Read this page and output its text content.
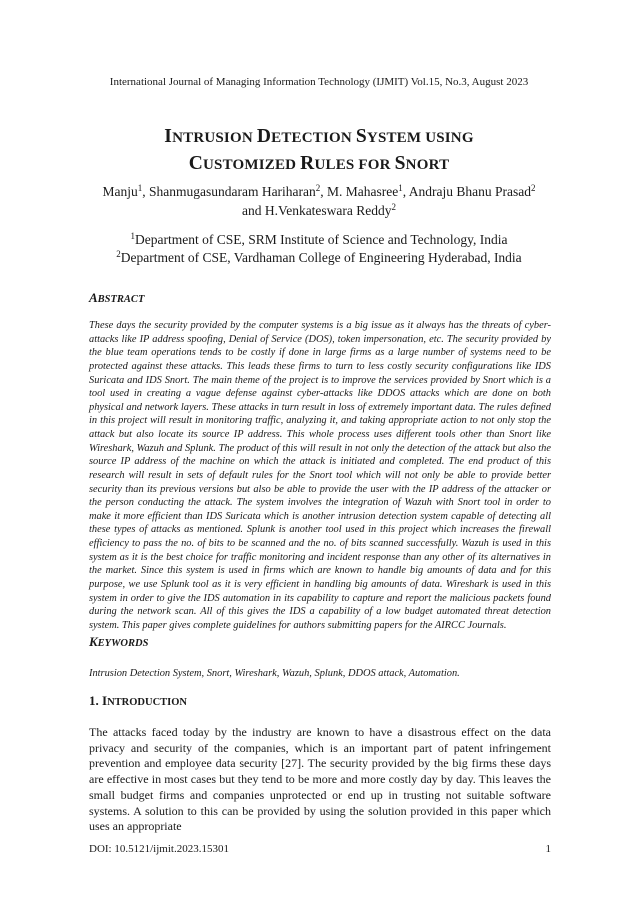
International Journal of Managing Information Technology (IJMIT) Vol.15, No.3, August 2023
INTRUSION DETECTION SYSTEM USING
CUSTOMIZED RULES FOR SNORT
Manju$^1$, Shanmugasundaram Hariharan$^2$, M. Mahasree$^1$, Andraju Bhanu Prasad$^2$
and H.Venkateswara Reddy$^2$
$^1$Department of CSE, SRM Institute of Science and Technology, India
$^2$Department of CSE, Vardhaman College of Engineering Hyderabad, India
ABSTRACT
These days the security provided by the computer systems is a big issue as it always has the threats of cyber-attacks like IP address spoofing, Denial of Service (DOS), token impersonation, etc. The security provided by the blue team operations tends to be costly if done in large firms as a large number of systems need to be protected against these attacks. This leads these firms to turn to less costly security configurations like IDS Suricata and IDS Snort. The main theme of the project is to improve the services provided by Snort which is a tool used in creating a vague defense against cyber-attacks like DDOS attacks which are done on both physical and network layers. These attacks in turn result in loss of extremely important data. The rules defined in this project will result in monitoring traffic, analyzing it, and taking appropriate action to not only stop the attack but also locate its source IP address. This whole process uses different tools other than Snort like Wireshark, Wazuh and Splunk. The product of this will result in not only the detection of the attack but also the source IP address of the machine on which the attack is initiated and completed. The end product of this research will result in sets of default rules for the Snort tool which will not only be able to provide better security than its previous versions but also be able to provide the user with the IP address of the attacker or the person conducting the attack. The system involves the integration of Wazuh with Snort tool in order to make it more efficient than IDS Suricata which is another intrusion detection system capable of detecting all these types of attacks as mentioned. Splunk is another tool used in this project which increases the firewall efficiency to pass the no. of bits to be scanned and the no. of bits scanned successfully. Wazuh is used in this system as it is the best choice for traffic monitoring and incident response than any other of its alternatives in the market. Since this system is used in firms which are known to handle big amounts of data and for this purpose, we use Splunk tool as it is very efficient in handling big amounts of data. Wireshark is used in this system in order to give the IDS automation in its capability to capture and report the malicious packets found during the network scan. All of this gives the IDS a capability of a low budget automated threat detection system. This paper gives complete guidelines for authors submitting papers for the AIRCC Journals.
KEYWORDS
Intrusion Detection System, Snort, Wireshark, Wazuh, Splunk, DDOS attack, Automation.
1. INTRODUCTION
The attacks faced today by the industry are known to have a disastrous effect on the data privacy and security of the companies, which is an important part of patent infringement prevention and employee data security [27]. The security provided by the big firms these days are effective in most cases but they tend to be more and more costly day by day. This leaves the small budget firms and companies unprotected or end up in trusting not suitable software systems. A solution to this can be provided by using the solution provided in this paper which uses an appropriate
DOI: 10.5121/ijmit.2023.15301	1
